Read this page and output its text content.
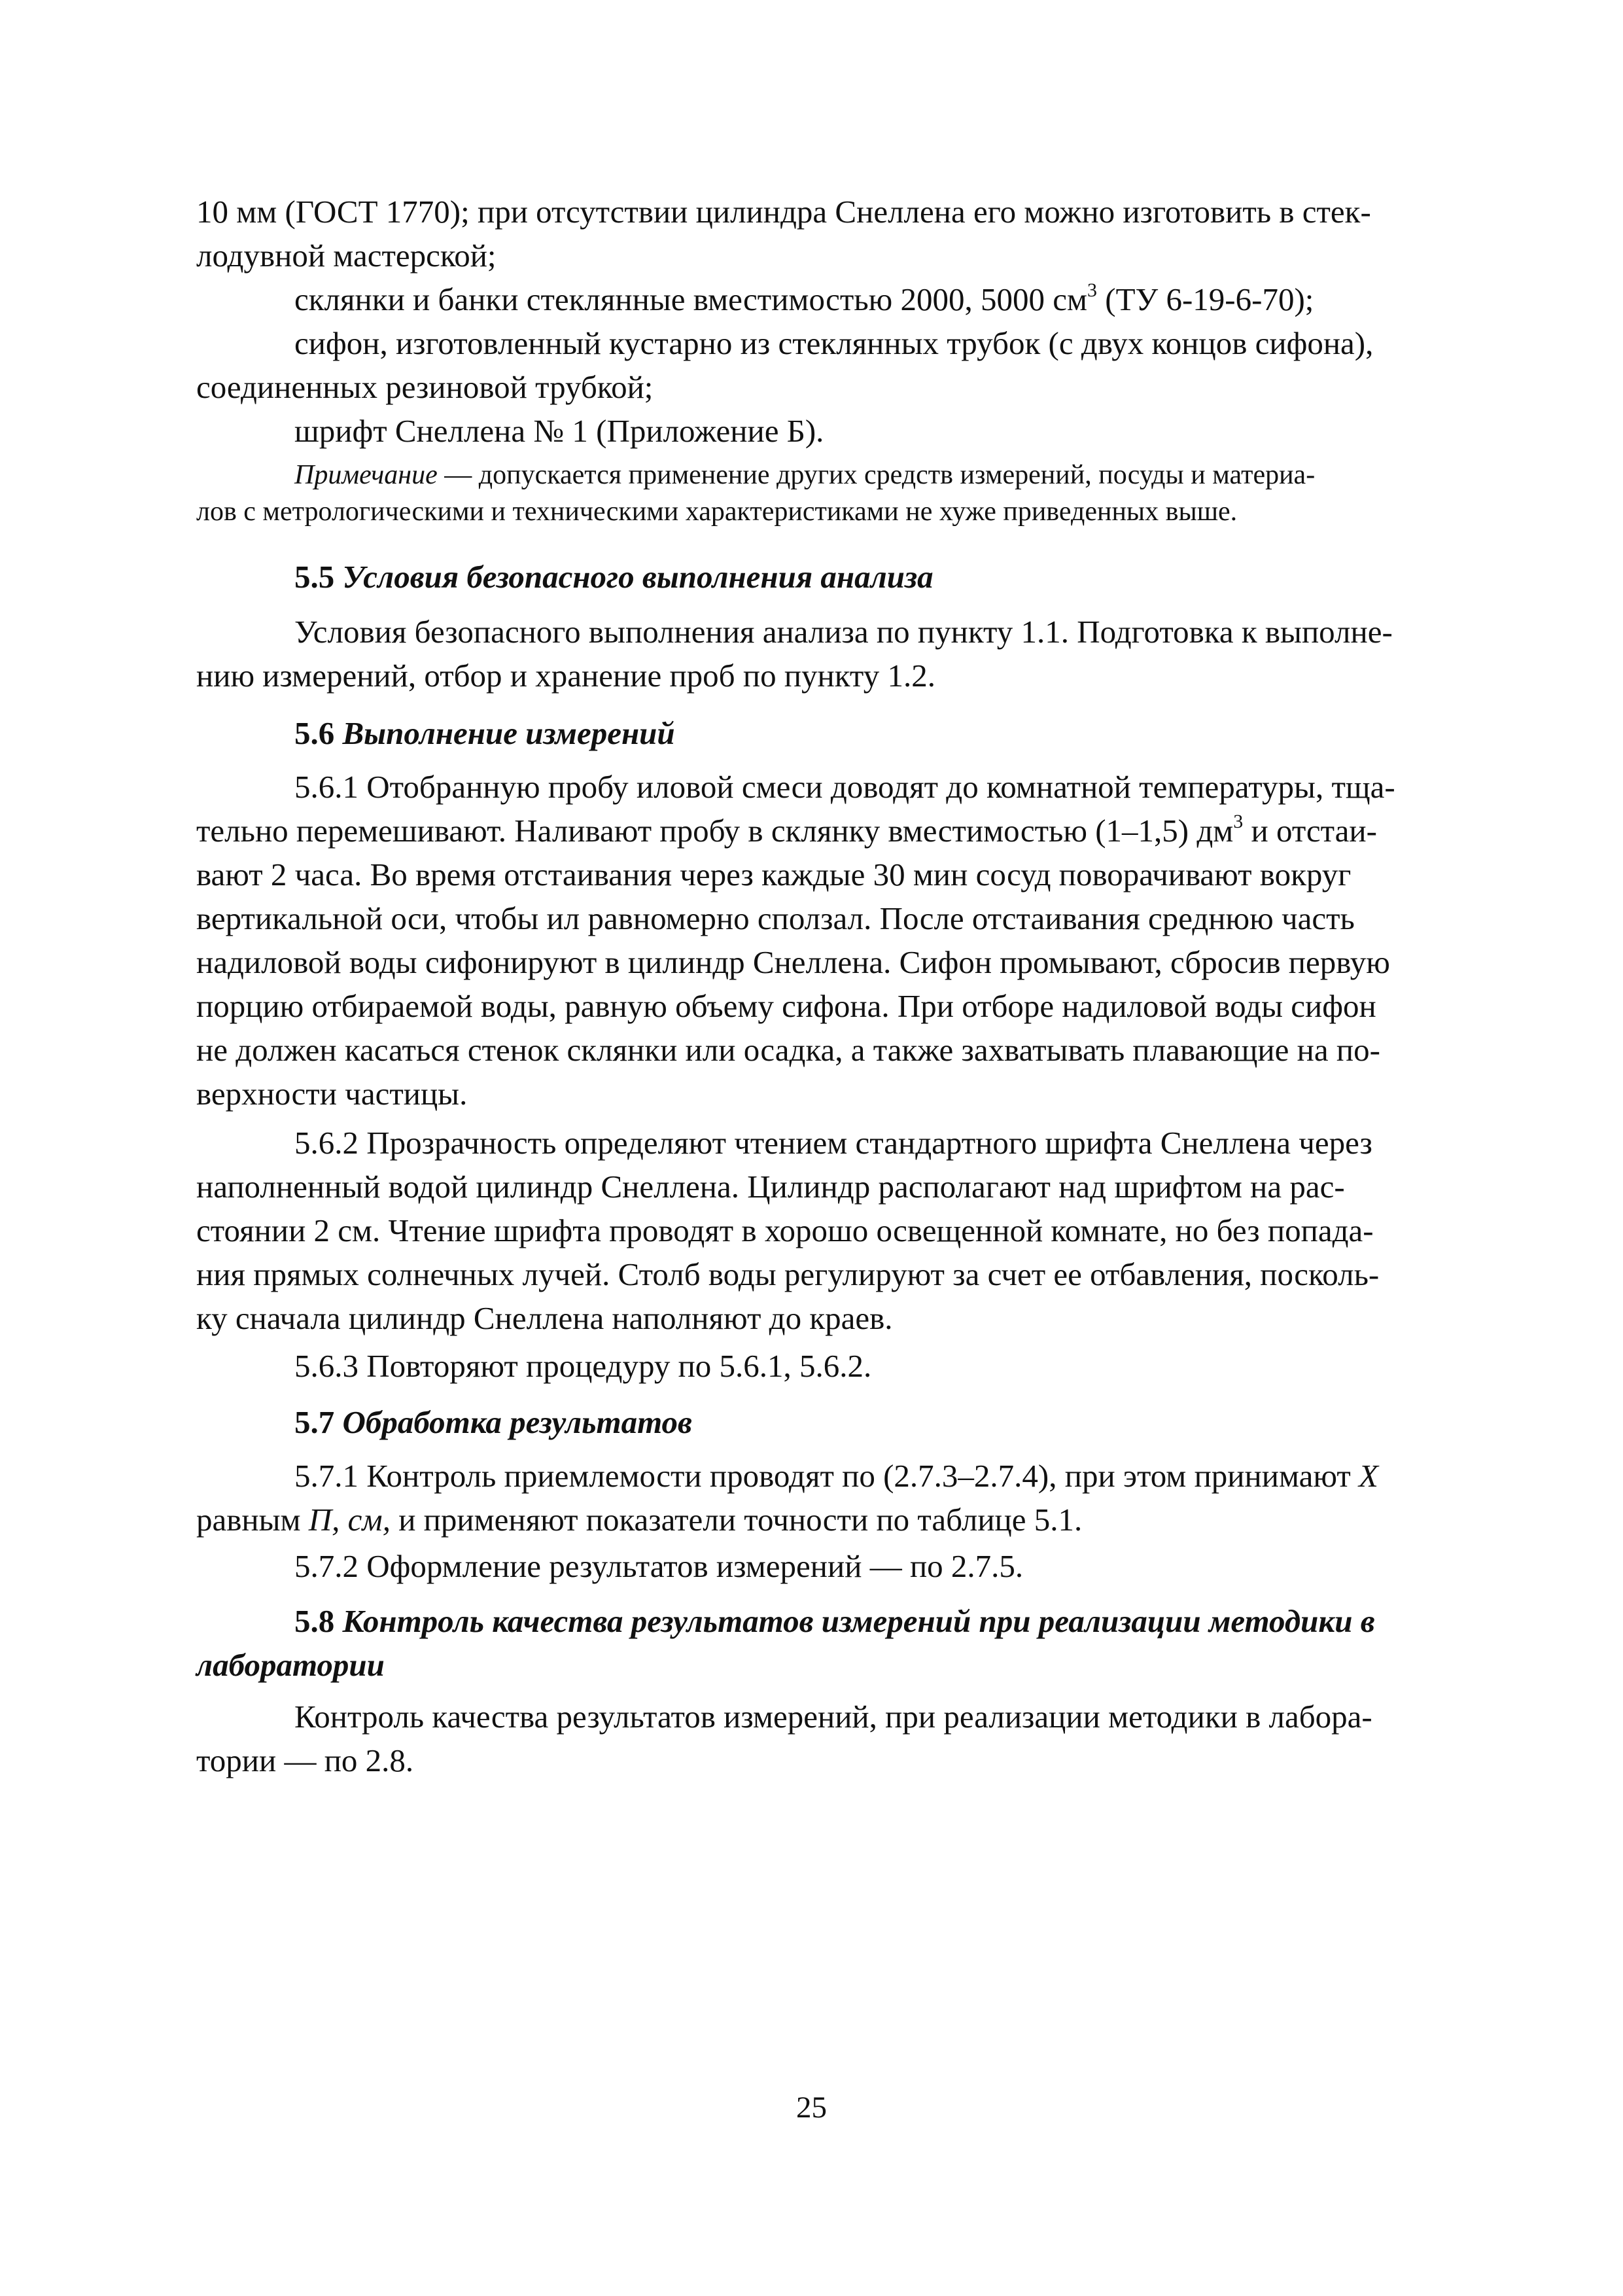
10 мм (ГОСТ 1770); при отсутствии цилиндра Снеллена его можно изготовить в стек-
лодувной мастерской;

склянки и банки стеклянные вместимостью 2000, 5000 $см^3$ (ТУ 6-19-6-70);

сифон, изготовленный кустарно из стеклянных трубок (с двух концов сифона),
соединенных резиновой трубкой;

шрифт Снеллена № 1 (Приложение Б).

Примечание — допускается применение других средств измерений, посуды и материа-
лов с метрологическими и техническими характеристиками не хуже приведенных выше.

5.5 Условия безопасного выполнения анализа

Условия безопасного выполнения анализа по пункту 1.1. Подготовка к выполне-
нию измерений, отбор и хранение проб по пункту 1.2.

5.6 Выполнение измерений

5.6.1 Отобранную пробу иловой смеси доводят до комнатной температуры, тща-
тельно перемешивают. Наливают пробу в склянку вместимостью (1–1,5) $дм^3$ и отстаи-
вают 2 часа. Во время отстаивания через каждые 30 мин сосуд поворачивают вокруг
вертикальной оси, чтобы ил равномерно сползал. После отстаивания среднюю часть
надиловой воды сифонируют в цилиндр Снеллена. Сифон промывают, сбросив первую
порцию отбираемой воды, равную объему сифона. При отборе надиловой воды сифон
не должен касаться стенок склянки или осадка, а также захватывать плавающие на по-
верхности частицы.

5.6.2 Прозрачность определяют чтением стандартного шрифта Снеллена через
наполненный водой цилиндр Снеллена. Цилиндр располагают над шрифтом на рас-
стоянии 2 см. Чтение шрифта проводят в хорошо освещенной комнате, но без попада-
ния прямых солнечных лучей. Столб воды регулируют за счет ее отбавления, посколь-
ку сначала цилиндр Снеллена наполняют до краев.

5.6.3 Повторяют процедуру по 5.6.1, 5.6.2.

5.7 Обработка результатов

5.7.1 Контроль приемлемости проводят по (2.7.3–2.7.4), при этом принимают X
равным П, см, и применяют показатели точности по таблице 5.1.

5.7.2 Оформление результатов измерений — по 2.7.5.

5.8 Контроль качества результатов измерений при реализации методики в
лаборатории

Контроль качества результатов измерений, при реализации методики в лабора-
тории — по 2.8.

25
